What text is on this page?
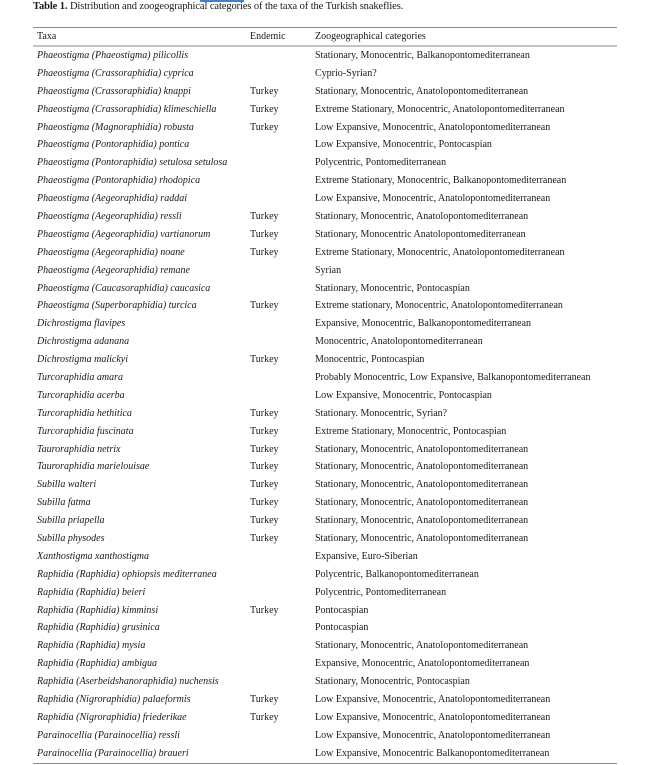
Table 1. Distribution and zoogeographical categories of the taxa of the Turkish snakeflies.
Taxa	Endemic	Zoogeographical categories
Phaeostigma (Phaeostigma) pilicollis		Stationary, Monocentric, Balkanopontomediterranean
Phaeostigma (Crassoraphidia) cyprica		Cyprio-Syrian?
Phaeostigma (Crassoraphidia) knappi	Turkey	Stationary, Monocentric, Anatolopontomediterranean
Phaeostigma (Crassoraphidia) klimeschiella	Turkey	Extreme Stationary, Monocentric, Anatolopontomediterranean
Phaeostigma (Magnoraphidia) robusta	Turkey	Low Expansive, Monocentric, Anatolopontomediterranean
Phaeostigma (Pontoraphidia) pontica		Low Expansive, Monocentric, Pontocaspian
Phaeostigma (Pontoraphidia) setulosa setulosa		Polycentric, Pontomediterranean
Phaeostigma (Pontoraphidia) rhodopica		Extreme Stationary, Monocentric, Balkanopontomediterranean
Phaeostigma (Aegeoraphidia) raddai		Low Expansive, Monocentric, Anatolopontomediterranean
Phaeostigma (Aegeoraphidia) ressli	Turkey	Stationary, Monocentric, Anatolopontomediterranean
Phaeostigma (Aegeoraphidia) vartianorum	Turkey	Stationary, Monocentric Anatolopontomediterranean
Phaeostigma (Aegeoraphidia) noane	Turkey	Extreme Stationary, Monocentric, Anatolopontomediterranean
Phaeostigma (Aegeoraphidia) remane		Syrian
Phaeostigma (Caucasoraphidia) caucasica		Stationary, Monocentric, Pontocaspian
Phaeostigma (Superboraphidia) turcica	Turkey	Extreme stationary, Monocentric, Anatolopontomediterranean
Dichrostigma flavipes		Expansive, Monocentric, Balkanopontomediterranean
Dichrostigma adanana		Monocentric, Anatolopontomediterranean
Dichrostigma malickyi	Turkey	Monocentric, Pontocaspian
Turcoraphidia amara		Probably Monocentric, Low Expansive, Balkanopontomediterranean
Turcoraphidia acerba		Low Expansive, Monocentric, Pontocaspian
Turcoraphidia hethitica	Turkey	Stationary. Monocentric, Syrian?
Turcoraphidia fuscinata	Turkey	Extreme Stationary, Monocentric, Pontocaspian
Tauroraphidia netrix	Turkey	Stationary, Monocentric, Anatolopontomediterranean
Tauroraphidia marielouisae	Turkey	Stationary, Monocentric, Anatolopontomediterranean
Subilla walteri	Turkey	Stationary, Monocentric, Anatolopontomediterranean
Subilla fatma	Turkey	Stationary, Monocentric, Anatolopontomediterranean
Subilla priapella	Turkey	Stationary, Monocentric, Anatolopontomediterranean
Subilla physodes	Turkey	Stationary, Monocentric, Anatolopontomediterranean
Xanthostigma xanthostigma		Expansive, Euro-Siberian
Raphidia (Raphidia) ophiopsis mediterranea		Polycentric, Balkanopontomediterranean
Raphidia (Raphidia) beieri		Polycentric, Pontomediterranean
Raphidia (Raphidia) kimminsi	Turkey	Pontocaspian
Raphidia (Raphidia) grusinica		Pontocaspian
Raphidia (Raphidia) mysia		Stationary, Monocentric, Anatolopontomediterranean
Raphidia (Raphidia) ambigua		Expansive, Monocentric, Anatolopontomediterranean
Raphidia (Aserbeidshanoraphidia) nuchensis		Stationary, Monocentric, Pontocaspian
Raphidia (Nigroraphidia) palaeformis	Turkey	Low Expansive, Monocentric, Anatolopontomediterranean
Raphidia (Nigroraphidia) friederikae	Turkey	Low Expansive, Monocentric, Anatolopontomediterranean
Parainocellia (Parainocellia) ressli		Low Expansive, Monocentric, Anatolopontomediterranean
Parainocellia (Parainocellia) braueri		Low Expansive, Monocentric Balkanopontomediterranean
